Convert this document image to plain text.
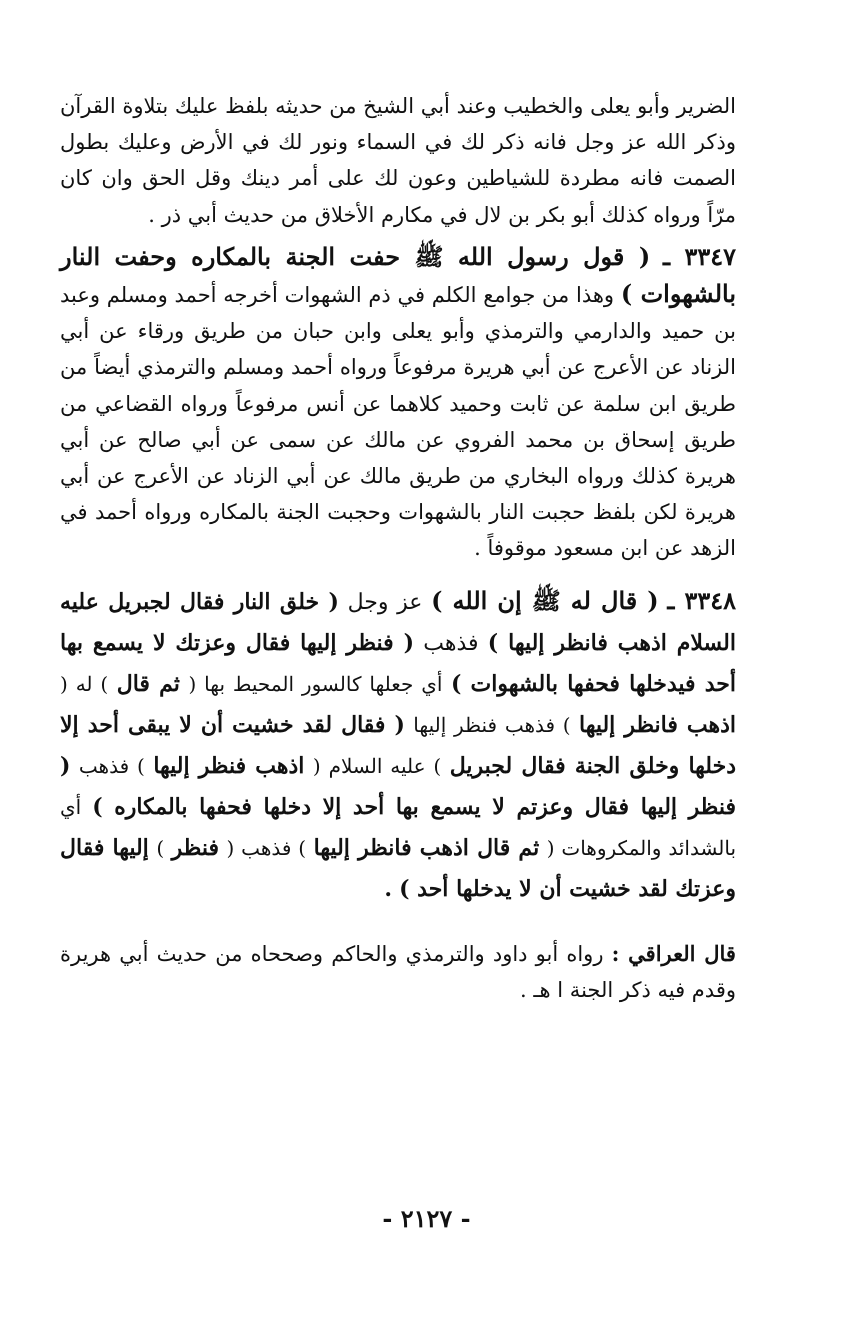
الضرير وأبو يعلى والخطيب وعند أبي الشيخ من حديثه بلفظ عليك بتلاوة القرآن وذكر الله عز وجل فانه ذكر لك في السماء ونور لك في الأرض وعليك بطول الصمت فانه مطردة للشياطين وعون لك على أمر دينك وقل الحق وان كان مرّاً ورواه كذلك أبو بكر بن لال في مكارم الأخلاق من حديث أبي ذر .

٣٣٤٧ ـ ( قول رسول الله ﷺ حفت الجنة بالمكاره وحفت النار بالشهوات ) وهذا من جوامع الكلم في ذم الشهوات أخرجه أحمد ومسلم وعبد بن حميد والدارمي والترمذي وأبو يعلى وابن حبان من طريق ورقاء عن أبي الزناد عن الأعرج عن أبي هريرة مرفوعاً ورواه أحمد ومسلم والترمذي أيضاً من طريق ابن سلمة عن ثابت وحميد كلاهما عن أنس مرفوعاً ورواه القضاعي من طريق إسحاق بن محمد الفروي عن مالك عن سمى عن أبي صالح عن أبي هريرة كذلك ورواه البخاري من طريق مالك عن أبي الزناد عن الأعرج عن أبي هريرة لكن بلفظ حجبت النار بالشهوات وحجبت الجنة بالمكاره ورواه أحمد في الزهد عن ابن مسعود موقوفاً .

٣٣٤٨ ـ ( قال له ﷺ إن الله ) عز وجل ( خلق النار فقال لجبريل عليه السلام اذهب فانظر إليها ) فذهب ( فنظر إليها فقال وعزتك لا يسمع بها أحد فيدخلها فحفها بالشهوات ) أي جعلها كالسور المحيط بها ( ثم قال ) له ( اذهب فانظر إليها ) فذهب فنظر إليها ( فقال لقد خشيت أن لا يبقى أحد إلا دخلها وخلق الجنة فقال لجبريل ) عليه السلام ( اذهب فنظر إليها ) فذهب ( فنظر إليها فقال وعزتم لا يسمع بها أحد إلا دخلها فحفها بالمكاره ) أي بالشدائد والمكروهات ( ثم قال اذهب فانظر إليها ) فذهب ( فنظر ) إليها فقال وعزتك لقد خشيت أن لا يدخلها أحد ) .

قال العراقي : رواه أبو داود والترمذي والحاكم وصححاه من حديث أبي هريرة وقدم فيه ذكر الجنة ا هـ .

- ٢١٢٧ -
